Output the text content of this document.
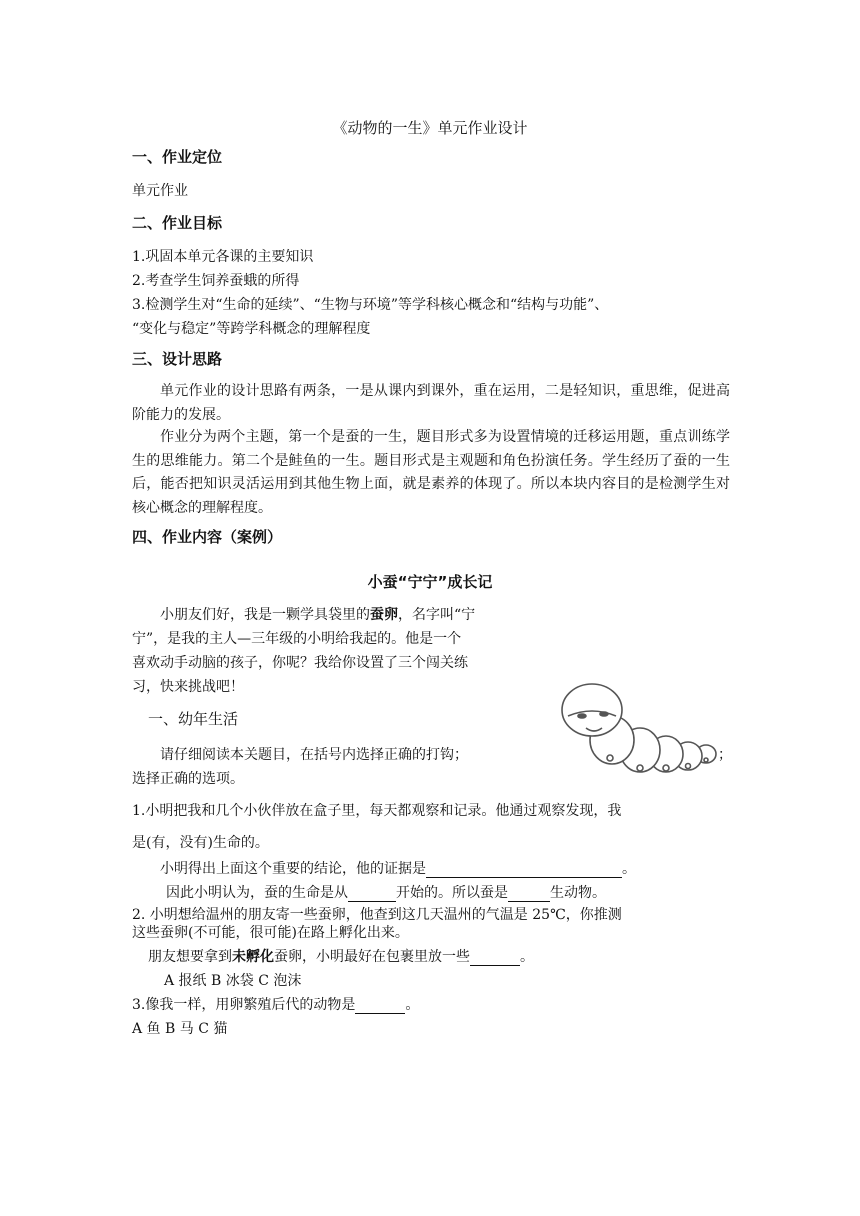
《动物的一生》单元作业设计
一、作业定位
单元作业
二、作业目标
1.巩固本单元各课的主要知识
2.考查学生饲养蚕蛾的所得
3.检测学生对“生命的延续”、“生物与环境”等学科核心概念和“结构与功能”、
“变化与稳定”等跨学科概念的理解程度
三、设计思路
单元作业的设计思路有两条，一是从课内到课外，重在运用，二是轻知识，重思维，促进高阶能力的发展。
作业分为两个主题，第一个是蚕的一生，题目形式多为设置情境的迁移运用题，重点训练学生的思维能力。第二个是鲑鱼的一生。题目形式是主观题和角色扮演任务。学生经历了蚕的一生后，能否把知识灵活运用到其他生物上面，就是素养的体现了。所以本块内容目的是检测学生对核心概念的理解程度。
四、作业内容（案例）
小蚕“宁宁”成长记
小朋友们好，我是一颗学具袋里的蚕卵，名字叫“宁
宁”，是我的主人—三年级的小明给我起的。他是一个
喜欢动手动脑的孩子，你呢？我给你设置了三个闯关练
习，快来挑战吧！
一、幼年生活
请仔细阅读本关题目，在括号内选择正确的打钩；	；
选择正确的选项。
1.小明把我和几个小伙伴放在盒子里，每天都观察和记录。他通过观察发现，我
是(有，没有)生命的。
小明得出上面这个重要的结论，他的证据是	。
因此小明认为，蚕的生命是从	开始的。所以蚕是	生动物。
2. 小明想给温州的朋友寄一些蚕卵，他查到这几天温州的气温是 25℃，你推测
这些蚕卵(不可能，很可能)在路上孵化出来。
朋友想要拿到未孵化蚕卵，小明最好在包裹里放一些	。
A 报纸 B 冰袋 C 泡沫
3.像我一样，用卵繁殖后代的动物是	。
A 鱼 B 马 C 猫
